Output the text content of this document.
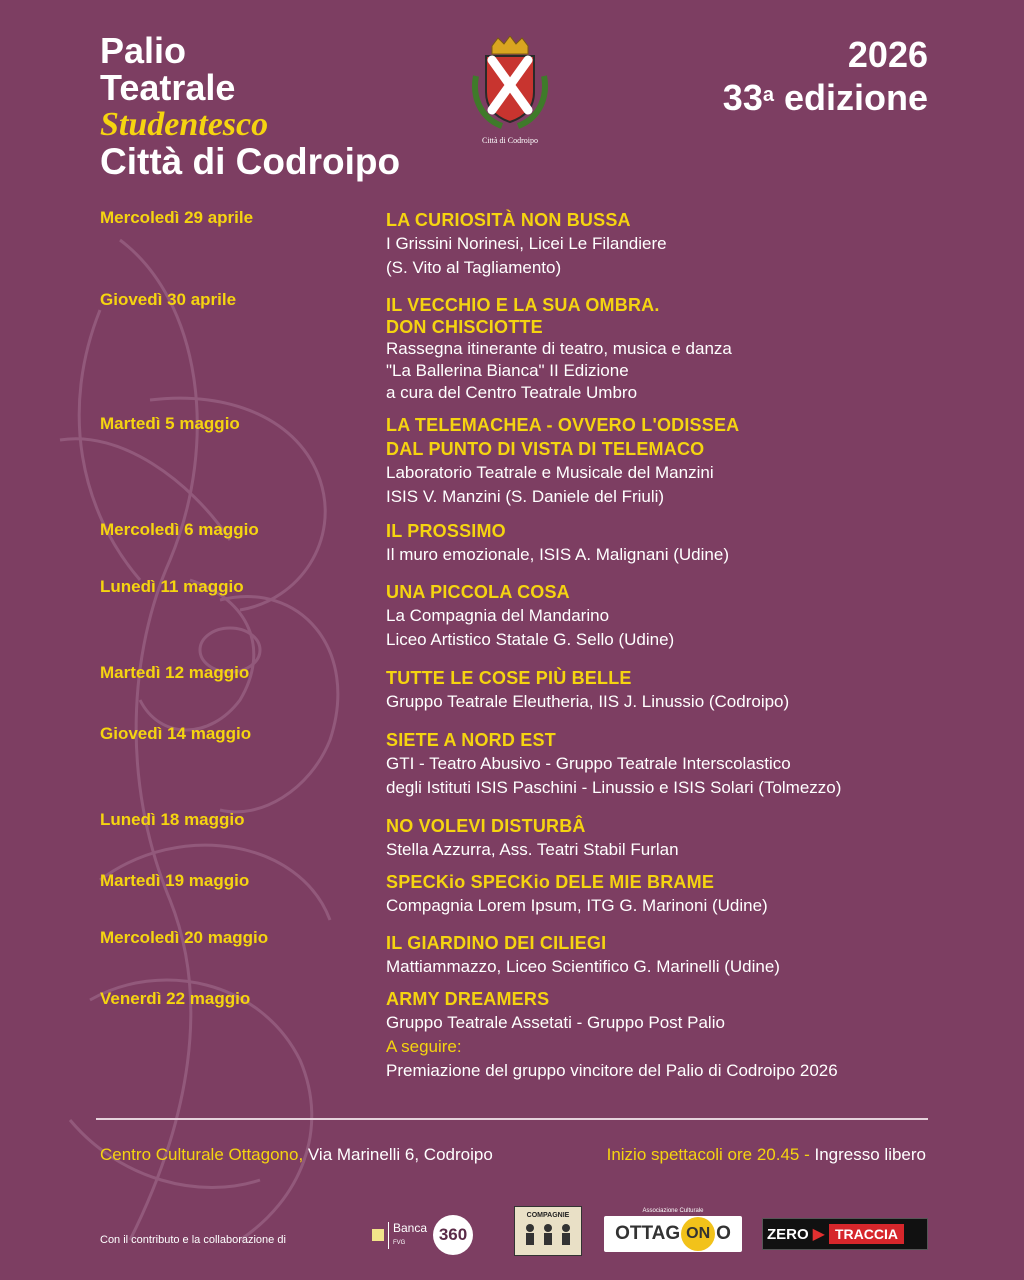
Palio
Teatrale
Studentesco
Città di Codroipo
Città di Codroipo
2026
33$^a$ edizione
Mercoledì 29 aprile	LA CURIOSITÀ NON BUSSA
I Grissini Norinesi, Licei Le Filandiere
(S. Vito al Tagliamento)
Giovedì 30 aprile	IL VECCHIO E LA SUA OMBRA.
DON CHISCIOTTE
Rassegna itinerante di teatro, musica e danza
"La Ballerina Bianca" II Edizione
a cura del Centro Teatrale Umbro
Martedì 5 maggio	LA TELEMACHEA - OVVERO L'ODISSEA
DAL PUNTO DI VISTA DI TELEMACO
Laboratorio Teatrale e Musicale del Manzini
ISIS V. Manzini (S. Daniele del Friuli)
Mercoledì 6 maggio	IL PROSSIMO
Il muro emozionale, ISIS A. Malignani (Udine)
Lunedì 11 maggio	UNA PICCOLA COSA
La Compagnia del Mandarino
Liceo Artistico Statale G. Sello (Udine)
Martedì 12 maggio	TUTTE LE COSE PIÙ BELLE
Gruppo Teatrale Eleutheria, IIS J. Linussio (Codroipo)
Giovedì 14 maggio	SIETE A NORD EST
GTI - Teatro Abusivo - Gruppo Teatrale Interscolastico
degli Istituti ISIS Paschini - Linussio e ISIS Solari (Tolmezzo)
Lunedì 18 maggio	NO VOLEVI DISTURBÂ
Stella Azzurra, Ass. Teatri Stabil Furlan
Martedì 19 maggio	SPECKio SPECKio DELE MIE BRAME
Compagnia Lorem Ipsum, ITG G. Marinoni (Udine)
Mercoledì 20 maggio	IL GIARDINO DEI CILIEGI
Mattiammazzo, Liceo Scientifico G. Marinelli (Udine)
Venerdì 22 maggio	ARMY DREAMERS
Gruppo Teatrale Assetati - Gruppo Post Palio
A seguire:
Premiazione del gruppo vincitore del Palio di Codroipo 2026
Centro Culturale Ottagono, Via Marinelli 6, Codroipo	Inizio spettacoli ore 20.45 - Ingresso libero
Con il contributo e la collaborazione di
Banca
FVG	360
COMPAGNIE
Associazione Culturale
OTTAG ON O ZERO ▶ TRACCIA
